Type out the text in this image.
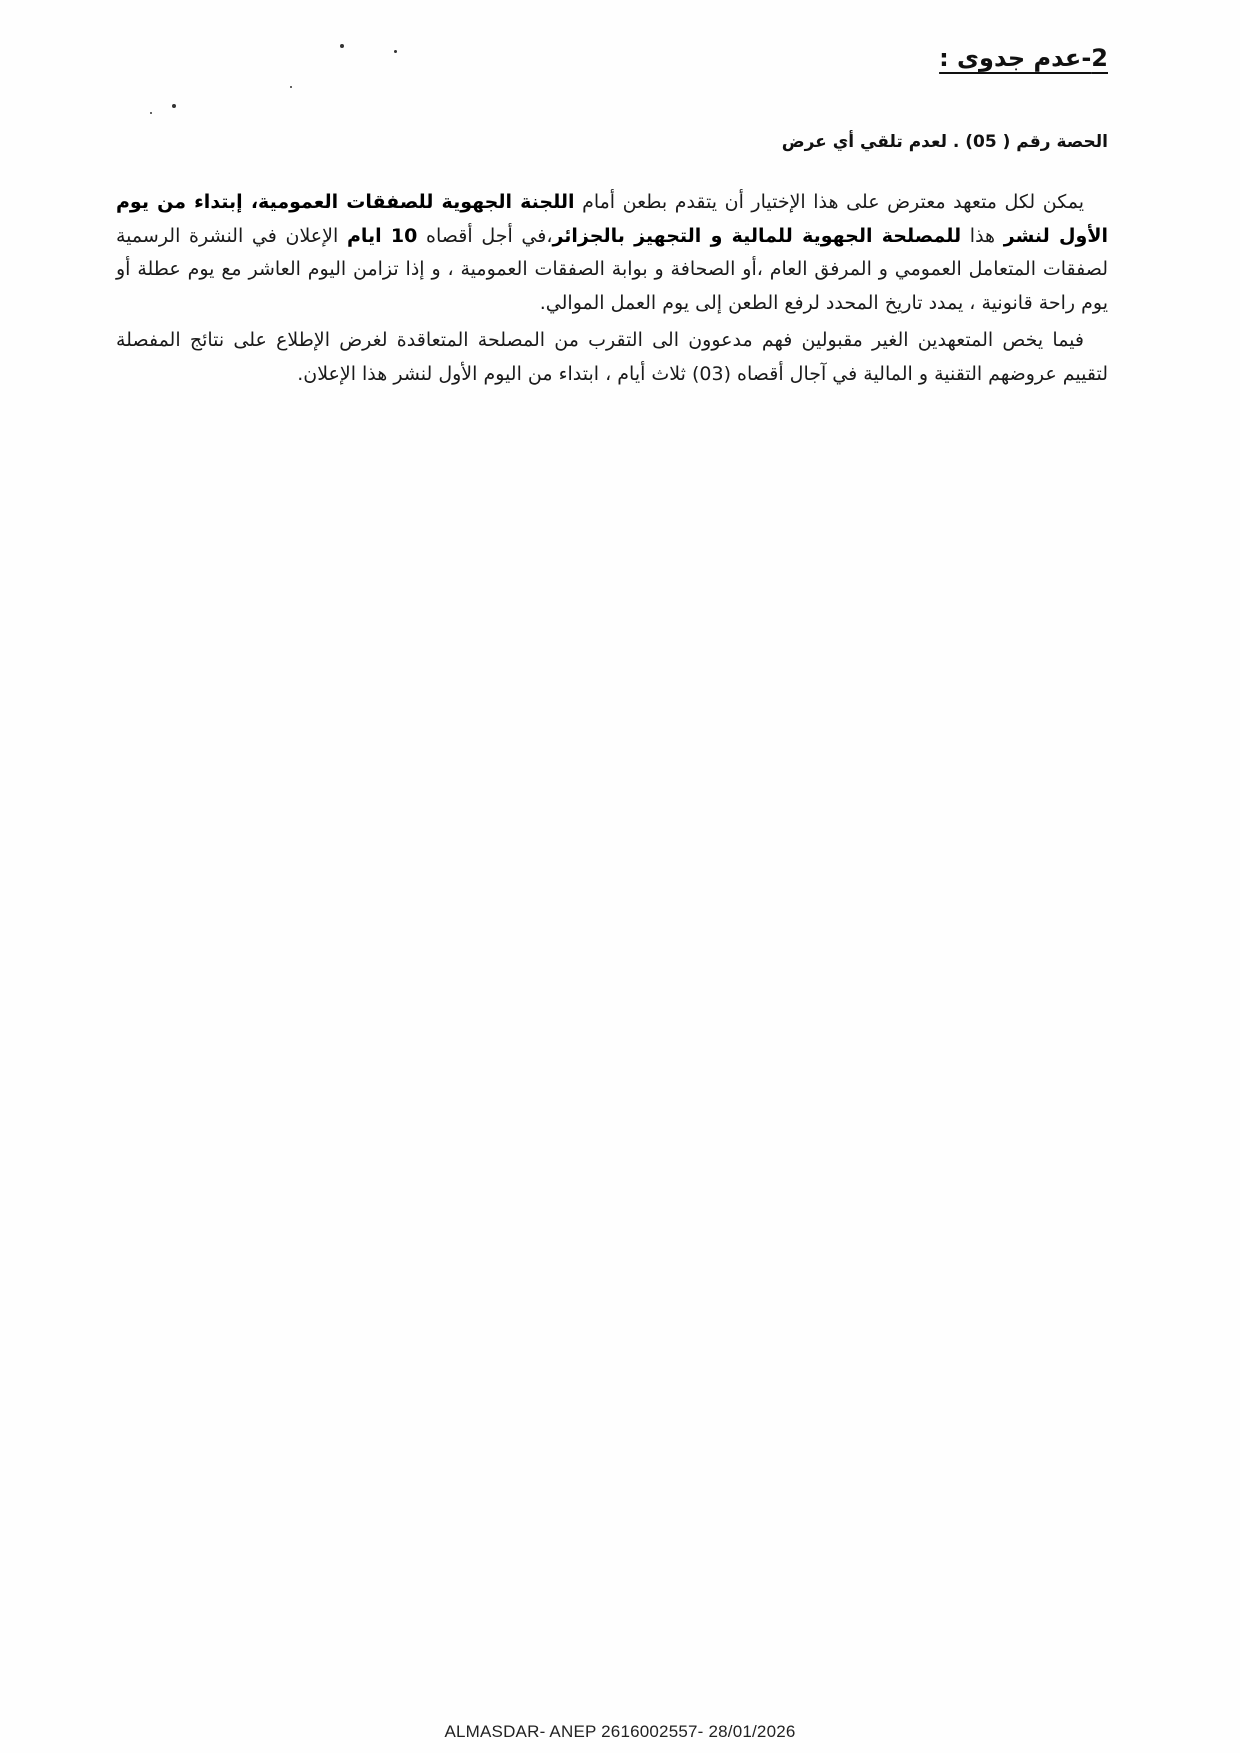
2-عدم جدوى :
الحصة رقم ( 05) . لعدم تلقي أي عرض

يمكن لكل متعهد معترض على هذا الإختيار أن يتقدم بطعن أمام اللجنة الجهوية للصفقات العمومية، إبتداء من يوم الأول لنشر هذا للمصلحة الجهوية للمالية و التجهيز بالجزائر،في أجل أقصاه 10 ايام الإعلان في النشرة الرسمية لصفقات المتعامل العمومي و المرفق العام ،أو الصحافة و بوابة الصفقات العمومية ، و إذا تزامن اليوم العاشر مع يوم عطلة أو يوم راحة قانونية ، يمدد تاريخ المحدد لرفع الطعن إلى يوم العمل الموالي.

فيما يخص المتعهدين الغير مقبولين فهم مدعوون الى التقرب من المصلحة المتعاقدة لغرض الإطلاع على نتائج المفصلة لتقييم عروضهم التقنية و المالية في آجال أقصاه (03) ثلاث أيام ، ابتداء من اليوم الأول لنشر هذا الإعلان.

ALMASDAR- ANEP 2616002557- 28/01/2026
